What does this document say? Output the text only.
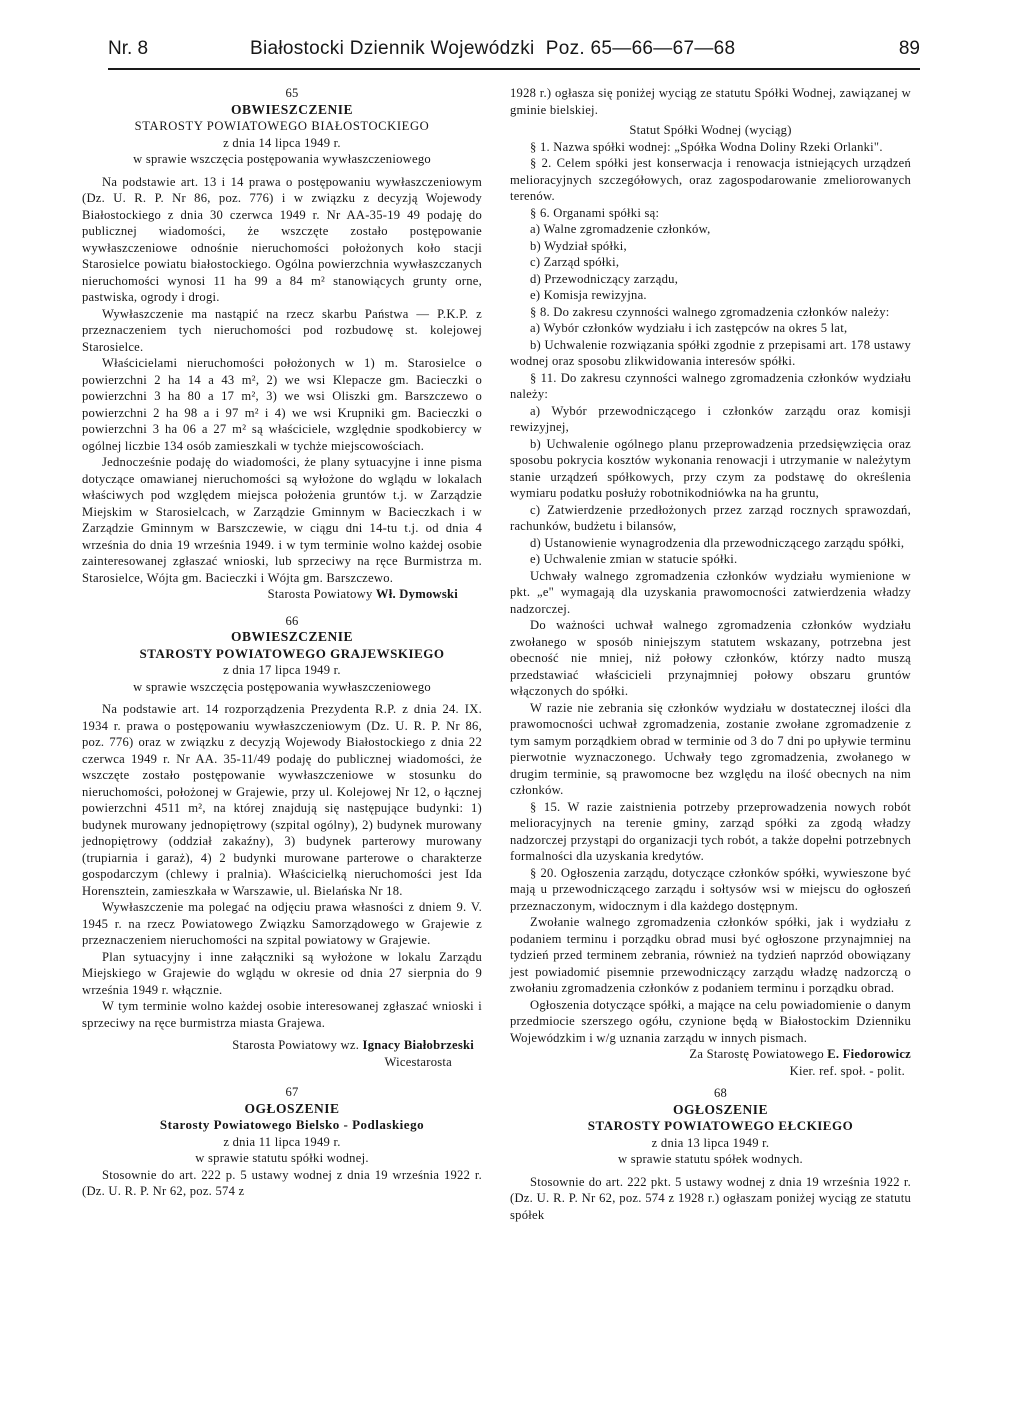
Nr. 8	Białostocki Dziennik Wojewódzki Poz. 65—66—67—68	89

65

OBWIESZCZENIE

STAROSTY POWIATOWEGO BIAŁOSTOCKIEGO

z dnia 14 lipca 1949 r.

w sprawie wszczęcia postępowania wywłaszczeniowego

Na podstawie art. 13 i 14 prawa o postępowaniu wywłaszczeniowym (Dz. U. R. P. Nr 86, poz. 776) i w związku z decyzją Wojewody Białostockiego z dnia 30 czerwca 1949 r. Nr AA-35-19 49 podaję do publicznej wiadomości, że wszczęte zostało postępowanie wywłaszczeniowe odnośnie nieruchomości położonych koło stacji Starosielce powiatu białostockiego. Ogólna powierzchnia wywłaszczanych nieruchomości wynosi 11 ha 99 a 84 m² stanowiących grunty orne, pastwiska, ogrody i drogi.

Wywłaszczenie ma nastąpić na rzecz skarbu Państwa — P.K.P. z przeznaczeniem tych nieruchomości pod rozbudowę st. kolejowej Starosielce.

Właścicielami nieruchomości położonych w 1) m. Starosielce o powierzchni 2 ha 14 a 43 m², 2) we wsi Klepacze gm. Bacieczki o powierzchni 3 ha 80 a 17 m², 3) we wsi Oliszki gm. Barszczewo o powierzchni 2 ha 98 a i 97 m² i 4) we wsi Krupniki gm. Bacieczki o powierzchni 3 ha 06 a 27 m² są właściciele, względnie spodkobiercy w ogólnej liczbie 134 osób zamieszkali w tychże miejscowościach.

Jednocześnie podaję do wiadomości, że plany sytuacyjne i inne pisma dotyczące omawianej nieruchomości są wyłożone do wglądu w lokalach właściwych pod względem miejsca położenia gruntów t.j. w Zarządzie Miejskim w Starosielcach, w Zarządzie Gminnym w Bacieczkach i w Zarządzie Gminnym w Barszczewie, w ciągu dni 14-tu t.j. od dnia 4 września do dnia 19 września 1949. i w tym terminie wolno każdej osobie zainteresowanej zgłaszać wnioski, lub sprzeciwy na ręce Burmistrza m. Starosielce, Wójta gm. Bacieczki i Wójta gm. Barszczewo.

Starosta Powiatowy Wł. Dymowski

66

OBWIESZCZENIE

STAROSTY POWIATOWEGO GRAJEWSKIEGO

z dnia 17 lipca 1949 r.

w sprawie wszczęcia postępowania wywłaszczeniowego

Na podstawie art. 14 rozporządzenia Prezydenta R.P. z dnia 24. IX. 1934 r. prawa o postępowaniu wywłaszczeniowym (Dz. U. R. P. Nr 86, poz. 776) oraz w związku z decyzją Wojewody Białostockiego z dnia 22 czerwca 1949 r. Nr AA. 35-11/49 podaję do publicznej wiadomości, że wszczęte zostało postępowanie wywłaszczeniowe w stosunku do nieruchomości, położonej w Grajewie, przy ul. Kolejowej Nr 12, o łącznej powierzchni 4511 m², na której znajdują się następujące budynki: 1) budynek murowany jednopiętrowy (szpital ogólny), 2) budynek murowany jednopiętrowy (oddział zakaźny), 3) budynek parterowy murowany (trupiarnia i garaż), 4) 2 budynki murowane parterowe o charakterze gospodarczym (chlewy i pralnia). Właścicielką nieruchomości jest Ida Horensztein, zamieszkała w Warszawie, ul. Bielańska Nr 18.

Wywłaszczenie ma polegać na odjęciu prawa własności z dniem 9. V. 1945 r. na rzecz Powiatowego Związku Samorządowego w Grajewie z przeznaczeniem nieruchomości na szpital powiatowy w Grajewie.

Plan sytuacyjny i inne załączniki są wyłożone w lokalu Zarządu Miejskiego w Grajewie do wglądu w okresie od dnia 27 sierpnia do 9 września 1949 r. włącznie.

W tym terminie wolno każdej osobie interesowanej zgłaszać wnioski i sprzeciwy na ręce burmistrza miasta Grajewa.

Starosta Powiatowy wz. Ignacy Białobrzeski

Wicestarosta

67

OGŁOSZENIE

Starosty Powiatowego Bielsko - Podlaskiego

z dnia 11 lipca 1949 r.

w sprawie statutu spółki wodnej.

Stosownie do art. 222 p. 5 ustawy wodnej z dnia 19 września 1922 r. (Dz. U. R. P. Nr 62, poz. 574 z

1928 r.) ogłasza się poniżej wyciąg ze statutu Spółki Wodnej, zawiązanej w gminie bielskiej.

Statut Spółki Wodnej (wyciąg)

§ 1. Nazwa spółki wodnej: „Spółka Wodna Doliny Rzeki Orlanki".

§ 2. Celem spółki jest konserwacja i renowacja istniejących urządzeń melioracyjnych szczegółowych, oraz zagospodarowanie zmeliorowanych terenów.

§ 6. Organami spółki są:

a) Walne zgromadzenie członków,

b) Wydział spółki,

c) Zarząd spółki,

d) Przewodniczący zarządu,

e) Komisja rewizyjna.

§ 8. Do zakresu czynności walnego zgromadzenia członków należy:

a) Wybór członków wydziału i ich zastępców na okres 5 lat,

b) Uchwalenie rozwiązania spółki zgodnie z przepisami art. 178 ustawy wodnej oraz sposobu zlikwidowania interesów spółki.

§ 11. Do zakresu czynności walnego zgromadzenia członków wydziału należy:

a) Wybór przewodniczącego i członków zarządu oraz komisji rewizyjnej,

b) Uchwalenie ogólnego planu przeprowadzenia przedsięwzięcia oraz sposobu pokrycia kosztów wykonania renowacji i utrzymanie w należytym stanie urządzeń spółkowych, przy czym za podstawę do określenia wymiaru podatku posłuży robotnikodniówka na ha gruntu,

c) Zatwierdzenie przedłożonych przez zarząd rocznych sprawozdań, rachunków, budżetu i bilansów,

d) Ustanowienie wynagrodzenia dla przewodniczącego zarządu spółki,

e) Uchwalenie zmian w statucie spółki.

Uchwały walnego zgromadzenia członków wydziału wymienione w pkt. „e" wymagają dla uzyskania prawomocności zatwierdzenia władzy nadzorczej.

Do ważności uchwał walnego zgromadzenia członków wydziału zwołanego w sposób niniejszym statutem wskazany, potrzebna jest obecność nie mniej, niż połowy członków, którzy nadto muszą przedstawiać właścicieli przynajmniej połowy obszaru gruntów włączonych do spółki.

W razie nie zebrania się członków wydziału w dostatecznej ilości dla prawomocności uchwał zgromadzenia, zostanie zwołane zgromadzenie z tym samym porządkiem obrad w terminie od 3 do 7 dni po upływie terminu pierwotnie wyznaczonego. Uchwały tego zgromadzenia, zwołanego w drugim terminie, są prawomocne bez względu na ilość obecnych na nim członków.

§ 15. W razie zaistnienia potrzeby przeprowadzenia nowych robót melioracyjnych na terenie gminy, zarząd spółki za zgodą władzy nadzorczej przystąpi do organizacji tych robót, a także dopełni potrzebnych formalności dla uzyskania kredytów.

§ 20. Ogłoszenia zarządu, dotyczące członków spółki, wywieszone być mają u przewodniczącego zarządu i sołtysów wsi w miejscu do ogłoszeń przeznaczonym, widocznym i dla każdego dostępnym.

Zwołanie walnego zgromadzenia członków spółki, jak i wydziału z podaniem terminu i porządku obrad musi być ogłoszone przynajmniej na tydzień przed terminem zebrania, również na tydzień naprzód obowiązany jest powiadomić pisemnie przewodniczący zarządu władzę nadzorczą o zwołaniu zgromadzenia członków z podaniem terminu i porządku obrad.

Ogłoszenia dotyczące spółki, a mające na celu powiadomienie o danym przedmiocie szerszego ogółu, czynione będą w Białostockim Dzienniku Wojewódzkim i w/g uznania zarządu w innych pismach.

Za Starostę Powiatowego E. Fiedorowicz

Kier. ref. społ. - polit.

68

OGŁOSZENIE

STAROSTY POWIATOWEGO EŁCKIEGO

z dnia 13 lipca 1949 r.

w sprawie statutu spółek wodnych.

Stosownie do art. 222 pkt. 5 ustawy wodnej z dnia 19 września 1922 r. (Dz. U. R. P. Nr 62, poz. 574 z 1928 r.) ogłaszam poniżej wyciąg ze statutu spółek
